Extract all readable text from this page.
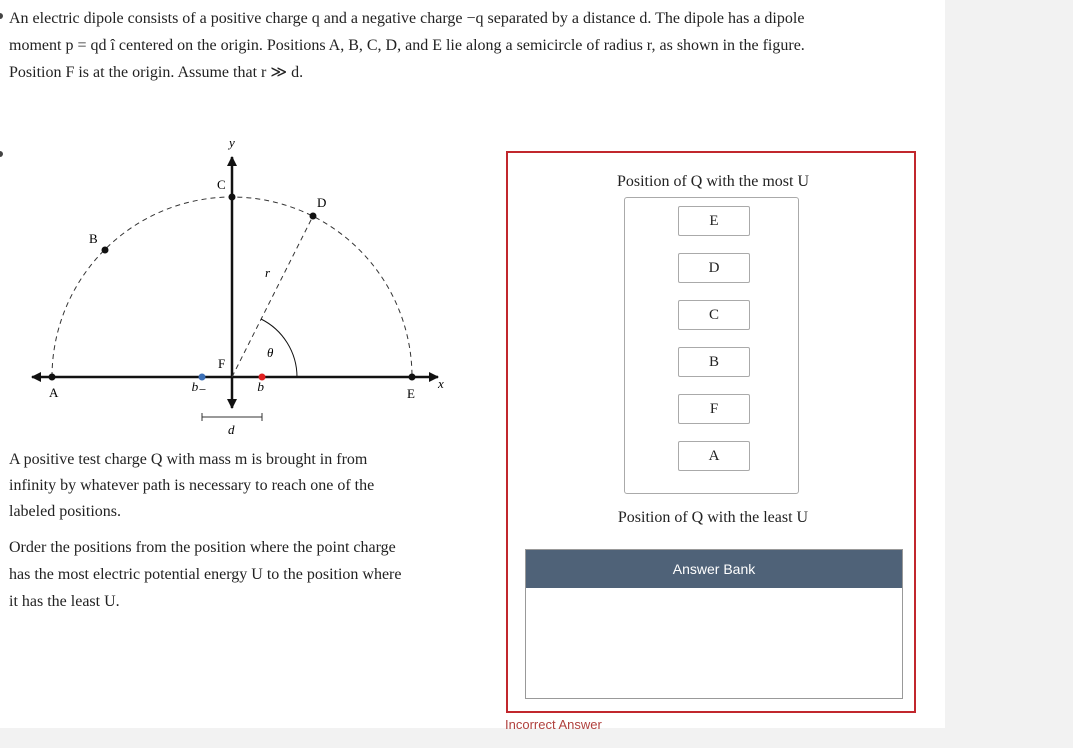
An electric dipole consists of a positive charge q and a negative charge −q separated by a distance d. The dipole has a dipole
moment p = qd î centered on the origin. Positions A, B, C, D, and E lie along a semicircle of radius r, as shown in the figure.
Position F is at the origin. Assume that r ≫ d.
A
B
C
D
E
F
x
y
r
θ
−q	q
d
A positive test charge Q with mass m is brought in from
infinity by whatever path is necessary to reach one of the
labeled positions.
Order the positions from the position where the point charge
has the most electric potential energy U to the position where
it has the least U.
Position of Q with the most U
E
D
C
B
F
A
Position of Q with the least U
Answer Bank
Incorrect Answer
